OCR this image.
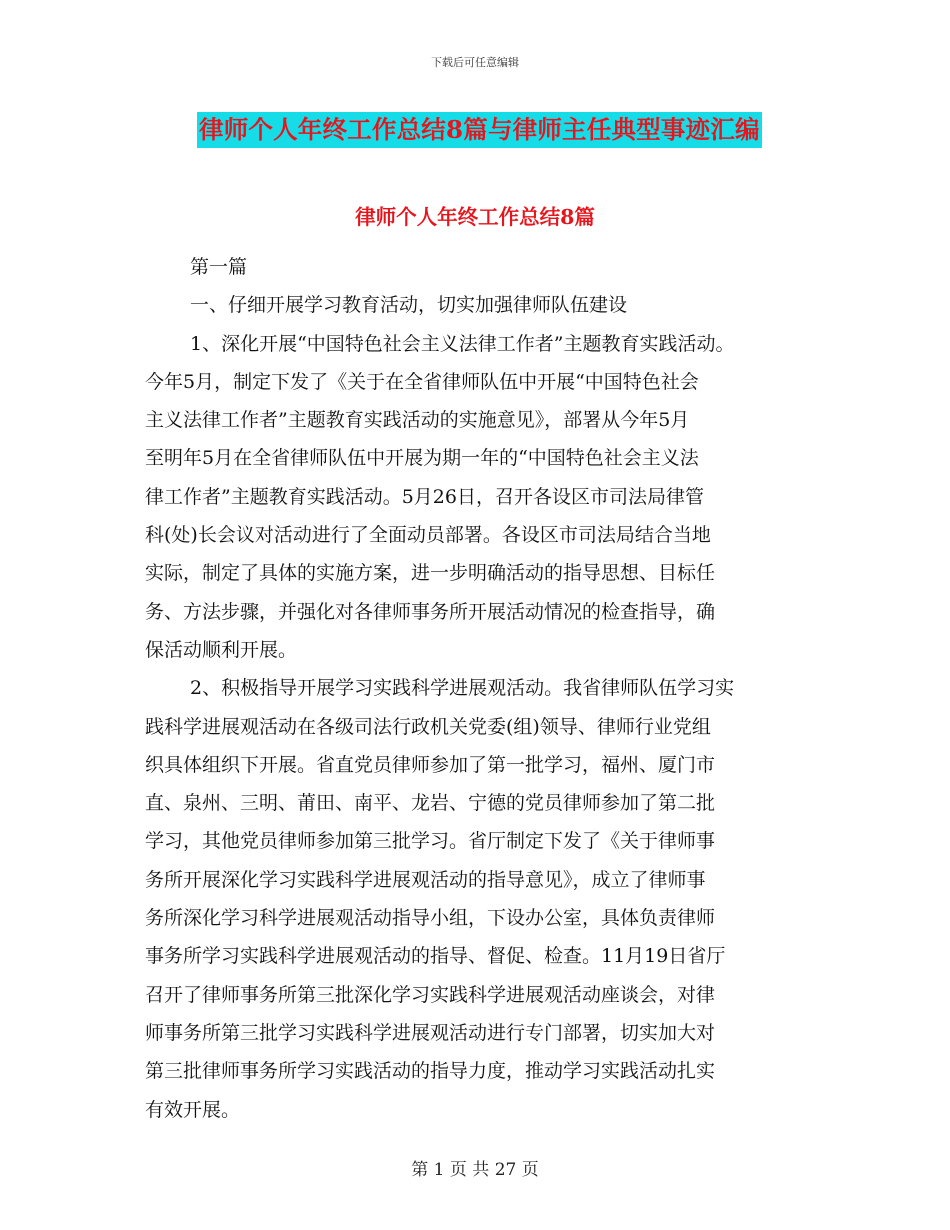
下载后可任意编辑
律师个人年终工作总结8篇与律师主任典型事迹汇编
律师个人年终工作总结8篇
第一篇
一、仔细开展学习教育活动，切实加强律师队伍建设
1、深化开展“中国特色社会主义法律工作者”主题教育实践活动。
今年5月，制定下发了《关于在全省律师队伍中开展“中国特色社会
主义法律工作者”主题教育实践活动的实施意见》，部署从今年5月
至明年5月在全省律师队伍中开展为期一年的“中国特色社会主义法
律工作者”主题教育实践活动。5月26日，召开各设区市司法局律管
科(处)长会议对活动进行了全面动员部署。各设区市司法局结合当地
实际，制定了具体的实施方案，进一步明确活动的指导思想、目标任
务、方法步骤，并强化对各律师事务所开展活动情况的检查指导，确
保活动顺利开展。
2、积极指导开展学习实践科学进展观活动。我省律师队伍学习实
践科学进展观活动在各级司法行政机关党委(组)领导、律师行业党组
织具体组织下开展。省直党员律师参加了第一批学习，福州、厦门市
直、泉州、三明、莆田、南平、龙岩、宁德的党员律师参加了第二批
学习，其他党员律师参加第三批学习。省厅制定下发了《关于律师事
务所开展深化学习实践科学进展观活动的指导意见》，成立了律师事
务所深化学习科学进展观活动指导小组，下设办公室，具体负责律师
事务所学习实践科学进展观活动的指导、督促、检查。11月19日省厅
召开了律师事务所第三批深化学习实践科学进展观活动座谈会，对律
师事务所第三批学习实践科学进展观活动进行专门部署，切实加大对
第三批律师事务所学习实践活动的指导力度，推动学习实践活动扎实
有效开展。
第 1 页 共 27 页
